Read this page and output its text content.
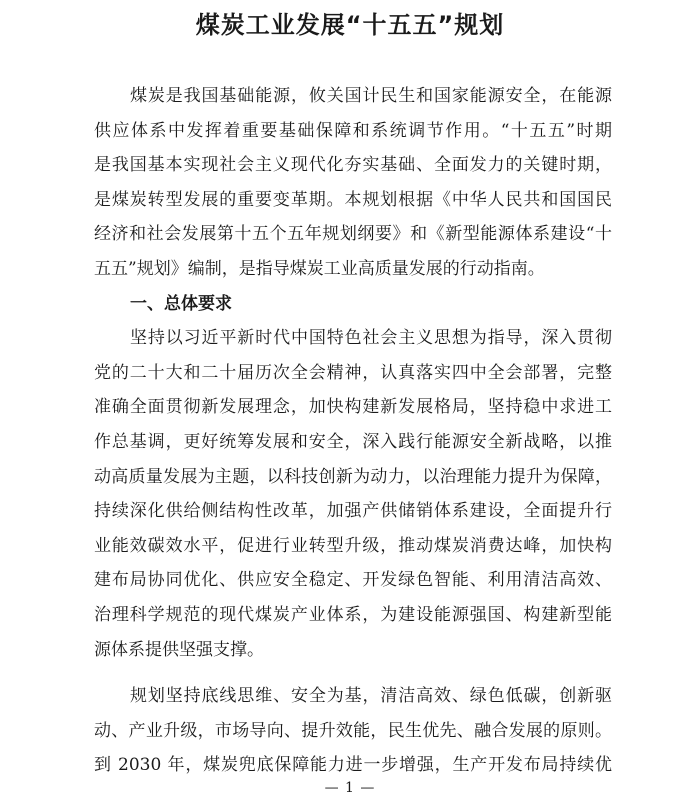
煤炭工业发展“十五五”规划
煤炭是我国基础能源，攸关国计民生和国家能源安全，在能源
供应体系中发挥着重要基础保障和系统调节作用。“十五五”时期
是我国基本实现社会主义现代化夯实基础、全面发力的关键时期，
是煤炭转型发展的重要变革期。本规划根据《中华人民共和国国民
经济和社会发展第十五个五年规划纲要》和《新型能源体系建设“十
五五”规划》编制，是指导煤炭工业高质量发展的行动指南。
一、总体要求
坚持以习近平新时代中国特色社会主义思想为指导，深入贯彻
党的二十大和二十届历次全会精神，认真落实四中全会部署，完整
准确全面贯彻新发展理念，加快构建新发展格局，坚持稳中求进工
作总基调，更好统筹发展和安全，深入践行能源安全新战略，以推
动高质量发展为主题，以科技创新为动力，以治理能力提升为保障，
持续深化供给侧结构性改革，加强产供储销体系建设，全面提升行
业能效碳效水平，促进行业转型升级，推动煤炭消费达峰，加快构
建布局协同优化、供应安全稳定、开发绿色智能、利用清洁高效、
治理科学规范的现代煤炭产业体系，为建设能源强国、构建新型能
源体系提供坚强支撑。
规划坚持底线思维、安全为基，清洁高效、绿色低碳，创新驱
动、产业升级，市场导向、提升效能，民生优先、融合发展的原则。
到 2030 年，煤炭兜底保障能力进一步增强，生产开发布局持续优
— 1 —
